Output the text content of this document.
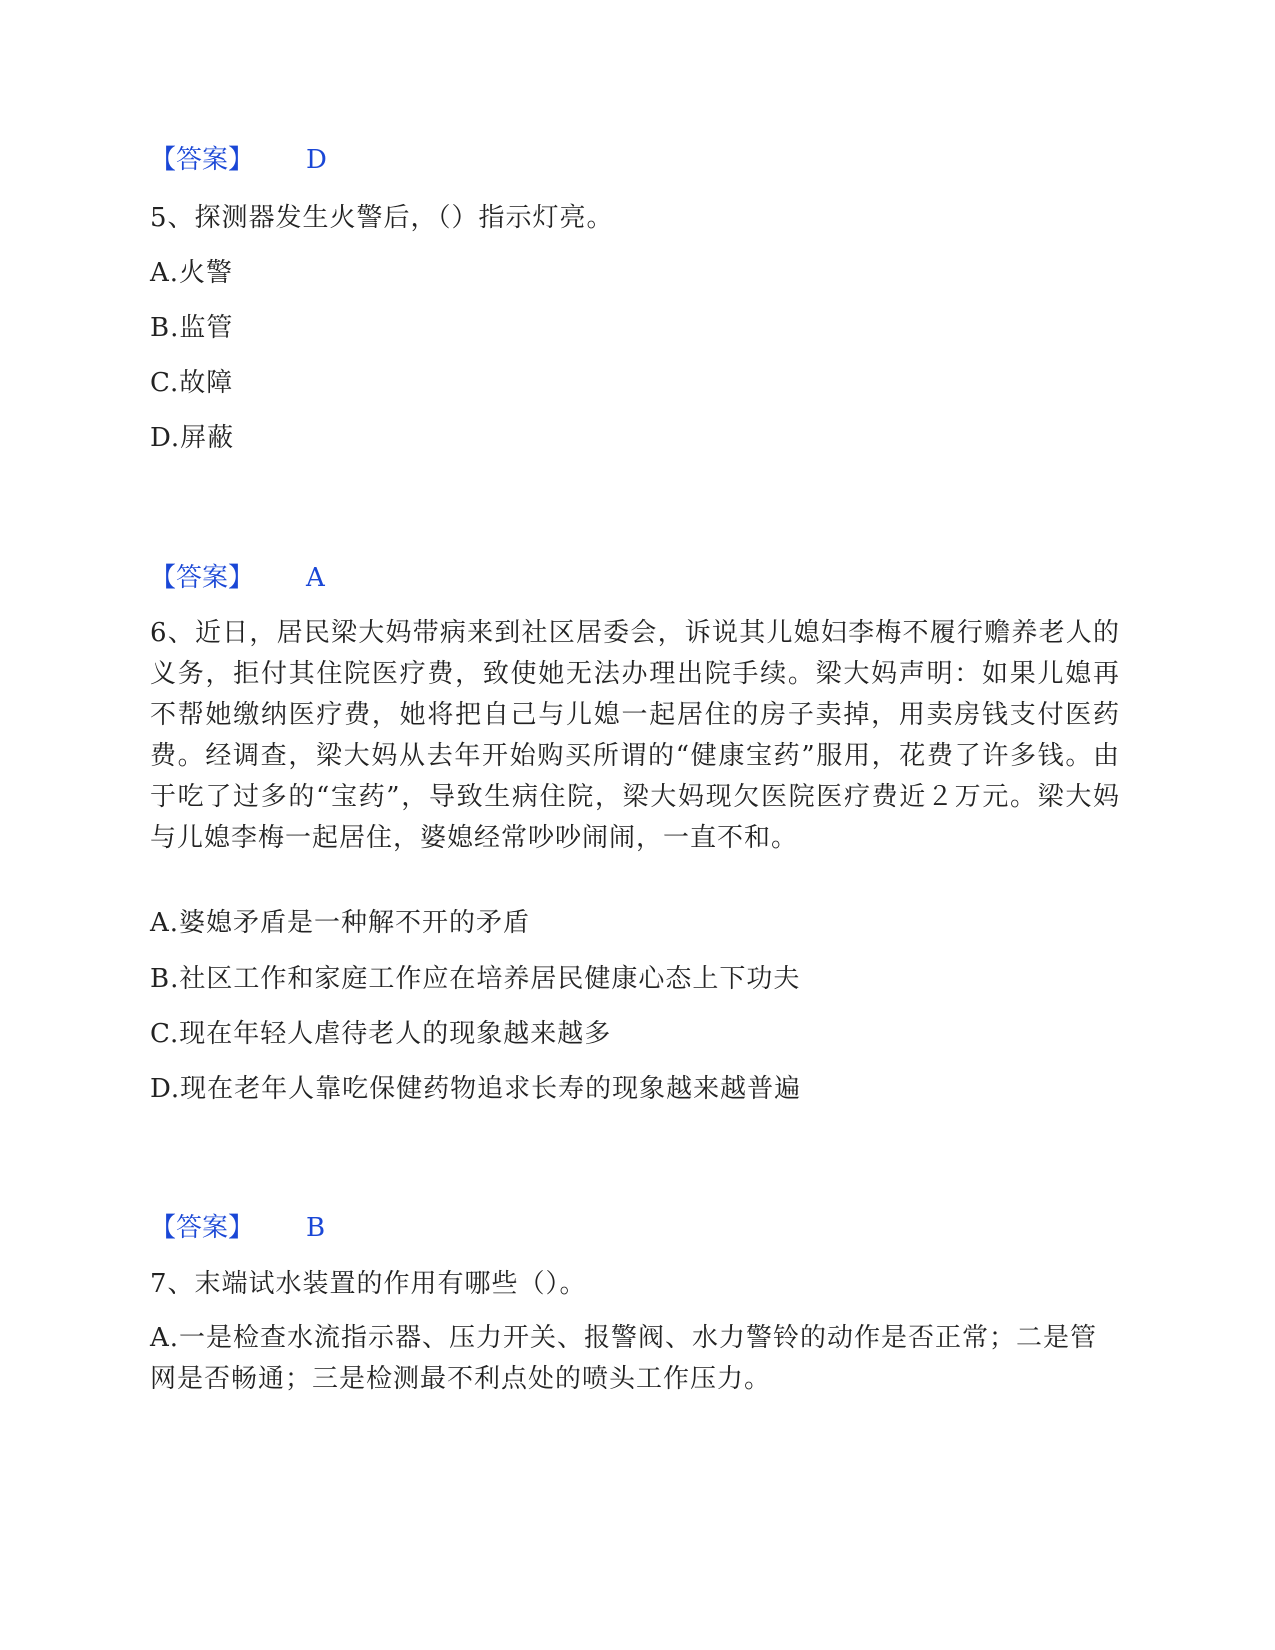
【答案】 D
5、探测器发生火警后，（）指示灯亮。
A.火警
B.监管
C.故障
D.屏蔽
【答案】 A
6、近日，居民梁大妈带病来到社区居委会，诉说其儿媳妇李梅不履行赡养老人的义务，拒付其住院医疗费，致使她无法办理出院手续。梁大妈声明：如果儿媳再不帮她缴纳医疗费，她将把自己与儿媳一起居住的房子卖掉，用卖房钱支付医药费。经调查，梁大妈从去年开始购买所谓的“健康宝药”服用，花费了许多钱。由于吃了过多的“宝药”，导致生病住院，梁大妈现欠医院医疗费近２万元。梁大妈与儿媳李梅一起居住，婆媳经常吵吵闹闹，一直不和。
A.婆媳矛盾是一种解不开的矛盾
B.社区工作和家庭工作应在培养居民健康心态上下功夫
C.现在年轻人虐待老人的现象越来越多
D.现在老年人靠吃保健药物追求长寿的现象越来越普遍
【答案】 B
7、末端试水装置的作用有哪些（）。
A.一是检查水流指示器、压力开关、报警阀、水力警铃的动作是否正常；二是管网是否畅通；三是检测最不利点处的喷头工作压力。
